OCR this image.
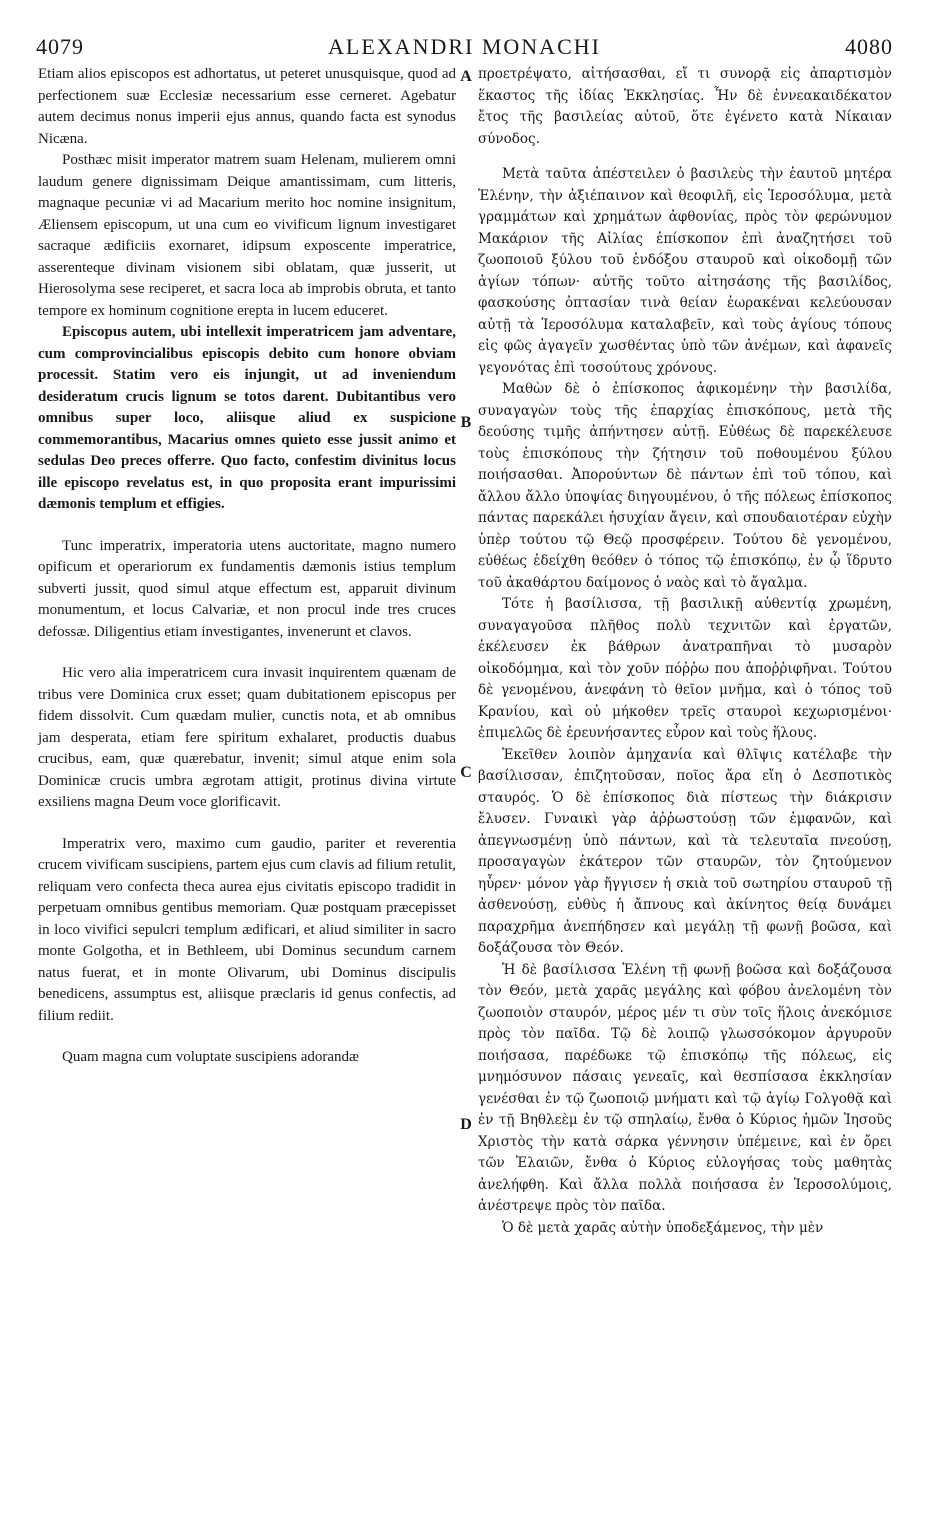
4079	ALEXANDRI MONACHI	4080

Etiam alios episcopos est adhortatus, ut peteret unusquisque, quod ad perfectionem suæ Ecclesiæ necessarium esse cerneret. Agebatur autem decimus nonus imperii ejus annus, quando facta est synodus Nicæna.

Posthæc misit imperator matrem suam Helenam, mulierem omni laudum genere dignissimam Deique amantissimam, cum litteris, magnaque pecuniæ vi ad Macarium merito hoc nomine insignitum, Æliensem episcopum, ut una cum eo vivificum lignum investigaret sacraque ædificiis exornaret, idipsum exposcente imperatrice, asserenteque divinam visionem sibi oblatam, quæ jusserit, ut Hierosolyma sese reciperet, et sacra loca ab improbis obruta, et tanto tempore ex hominum cognitione erepta in lucem educeret.

Episcopus autem, ubi intellexit imperatricem jam adventare, cum comprovincialibus episcopis debito cum honore obviam processit. Statim vero eis injungit, ut ad inveniendum desideratum crucis lignum se totos darent. Dubitantibus vero omnibus super loco, aliisque aliud ex suspicione commemorantibus, Macarius omnes quieto esse jussit animo et sedulas Deo preces offerre. Quo facto, confestim divinitus locus ille episcopo revelatus est, in quo proposita erant impurissimi dæmonis templum et effigies.

Tunc imperatrix, imperatoria utens auctoritate, magno numero opificum et operariorum ex fundamentis dæmonis istius templum subverti jussit, quod simul atque effectum est, apparuit divinum monumentum, et locus Calvariæ, et non procul inde tres cruces defossæ. Diligentius etiam investigantes, invenerunt et clavos.

Hic vero alia imperatricem cura invasit inquirentem quænam de tribus vere Dominica crux esset; quam dubitationem episcopus per fidem dissolvit. Cum quædam mulier, cunctis nota, et ab omnibus jam desperata, etiam fere spiritum exhalaret, productis duabus crucibus, eam, quæ quærebatur, invenit; simul atque enim sola Dominicæ crucis umbra ægrotam attigit, protinus divina virtute exsiliens magna Deum voce glorificavit.

Imperatrix vero, maximo cum gaudio, pariter et reverentia crucem vivificam suscipiens, partem ejus cum clavis ad filium retulit, reliquam vero confecta theca aurea ejus civitatis episcopo tradidit in perpetuam omnibus gentibus memoriam. Quæ postquam præcepisset in loco vivifici sepulcri templum ædificari, et aliud similiter in sacro monte Golgotha, et in Bethleem, ubi Dominus secundum carnem natus fuerat, et in monte Olivarum, ubi Dominus discipulis benedicens, assumptus est, aliisque præclaris id genus confectis, ad filium rediit.

Quam magna cum voluptate suscipiens adorandæ

A
B
C
D

προετρέψατο, αἰτήσασθαι, εἴ τι συνορᾷ εἰς ἀπαρτισμὸν ἕκαστος τῆς ἰδίας Ἐκκλησίας. Ἦν δὲ ἐννεακαιδέκατον ἔτος τῆς βασιλείας αὐτοῦ, ὅτε ἐγένετο κατὰ Νίκαιαν σύνοδος.

Μετὰ ταῦτα ἀπέστειλεν ὁ βασιλεὺς τὴν ἑαυτοῦ μητέρα Ἑλένην, τὴν ἀξιέπαινον καὶ θεοφιλῆ, εἰς Ἱεροσόλυμα, μετὰ γραμμάτων καὶ χρημάτων ἀφθονίας, πρὸς τὸν φερώνυμον Μακάριον τῆς Αἰλίας ἐπίσκοπον ἐπὶ ἀναζητήσει τοῦ ζωοποιοῦ ξύλου τοῦ ἐνδόξου σταυροῦ καὶ οἰκοδομῇ τῶν ἁγίων τόπων· αὐτῆς τοῦτο αἰτησάσης τῆς βασιλίδος, φασκούσης ὀπτασίαν τινὰ θείαν ἑωρακέναι κελεύουσαν αὐτῇ τὰ Ἱεροσόλυμα καταλαβεῖν, καὶ τοὺς ἁγίους τόπους εἰς φῶς ἀγαγεῖν χωσθέντας ὑπὸ τῶν ἀνέμων, καὶ ἀφανεῖς γεγονότας ἐπὶ τοσούτους χρόνους.

Μαθὼν δὲ ὁ ἐπίσκοπος ἀφικομένην τὴν βασιλίδα, συναγαγὼν τοὺς τῆς ἐπαρχίας ἐπισκόπους, μετὰ τῆς δεούσης τιμῆς ἀπήντησεν αὐτῇ. Εὐθέως δὲ παρεκέλευσε τοὺς ἐπισκόπους τὴν ζήτησιν τοῦ ποθουμένου ξύλου ποιήσασθαι. Ἀπορούντων δὲ πάντων ἐπὶ τοῦ τόπου, καὶ ἄλλου ἄλλο ὑποψίας διηγουμένου, ὁ τῆς πόλεως ἐπίσκοπος πάντας παρεκάλει ἡσυχίαν ἄγειν, καὶ σπουδαιοτέραν εὐχὴν ὑπὲρ τούτου τῷ Θεῷ προσφέρειν. Τούτου δὲ γενομένου, εὐθέως ἐδείχθη θεόθεν ὁ τόπος τῷ ἐπισκόπῳ, ἐν ᾧ ἵδρυτο τοῦ ἀκαθάρτου δαίμονος ὁ ναὸς καὶ τὸ ἄγαλμα.

Τότε ἡ βασίλισσα, τῇ βασιλικῇ αὐθεντίᾳ χρωμένη, συναγαγοῦσα πλῆθος πολὺ τεχνιτῶν καὶ ἐργατῶν, ἐκέλευσεν ἐκ βάθρων ἀνατραπῆναι τὸ μυσαρὸν οἰκοδόμημα, καὶ τὸν χοῦν πόῤῥω που ἀποῤῥιφῆναι. Τούτου δὲ γενομένου, ἀνεφάνη τὸ θεῖον μνῆμα, καὶ ὁ τόπος τοῦ Κρανίου, καὶ οὐ μήκοθεν τρεῖς σταυροὶ κεχωρισμένοι· ἐπιμελῶς δὲ ἐρευνήσαντες εὗρον καὶ τοὺς ἥλους.

Ἐκεῖθεν λοιπὸν ἀμηχανία καὶ θλῖψις κατέλαβε τὴν βασίλισσαν, ἐπιζητοῦσαν, ποῖος ἄρα εἴη ὁ Δεσποτικὸς σταυρός. Ὁ δὲ ἐπίσκοπος διὰ πίστεως τὴν διάκρισιν ἔλυσεν. Γυναικὶ γὰρ ἀῤῥωστούσῃ τῶν ἐμφανῶν, καὶ ἀπεγνωσμένῃ ὑπὸ πάντων, καὶ τὰ τελευταῖα πνεούσῃ, προσαγαγὼν ἑκάτερον τῶν σταυρῶν, τὸν ζητούμενον ηὗρεν· μόνον γὰρ ἤγγισεν ἡ σκιὰ τοῦ σωτηρίου σταυροῦ τῇ ἀσθενούσῃ, εὐθὺς ἡ ἄπνους καὶ ἀκίνητος θείᾳ δυνάμει παραχρῆμα ἀνεπήδησεν καὶ μεγάλῃ τῇ φωνῇ βοῶσα, καὶ δοξάζουσα τὸν Θεόν.

Ἡ δὲ βασίλισσα Ἑλένη τῇ φωνῇ βοῶσα καὶ δοξάζουσα τὸν Θεόν, μετὰ χαρᾶς μεγάλης καὶ φόβου ἀνελομένη τὸν ζωοποιὸν σταυρόν, μέρος μέν τι σὺν τοῖς ἥλοις ἀνεκόμισε πρὸς τὸν παῖδα. Τῷ δὲ λοιπῷ γλωσσόκομον ἀργυροῦν ποιήσασα, παρέδωκε τῷ ἐπισκόπῳ τῆς πόλεως, εἰς μνημόσυνον πάσαις γενεαῖς, καὶ θεσπίσασα ἐκκλησίαν γενέσθαι ἐν τῷ ζωοποιῷ μνήματι καὶ τῷ ἁγίῳ Γολγοθᾷ καὶ ἐν τῇ Βηθλεὲμ ἐν τῷ σπηλαίῳ, ἔνθα ὁ Κύριος ἡμῶν Ἰησοῦς Χριστὸς τὴν κατὰ σάρκα γέννησιν ὑπέμεινε, καὶ ἐν ὄρει τῶν Ἐλαιῶν, ἔνθα ὁ Κύριος εὐλογήσας τοὺς μαθητὰς ἀνελήφθη. Καὶ ἄλλα πολλὰ ποιήσασα ἐν Ἱεροσολύμοις, ἀνέστρεψε πρὸς τὸν παῖδα.

Ὁ δὲ μετὰ χαρᾶς αὐτὴν ὑποδεξάμενος, τὴν μὲν
